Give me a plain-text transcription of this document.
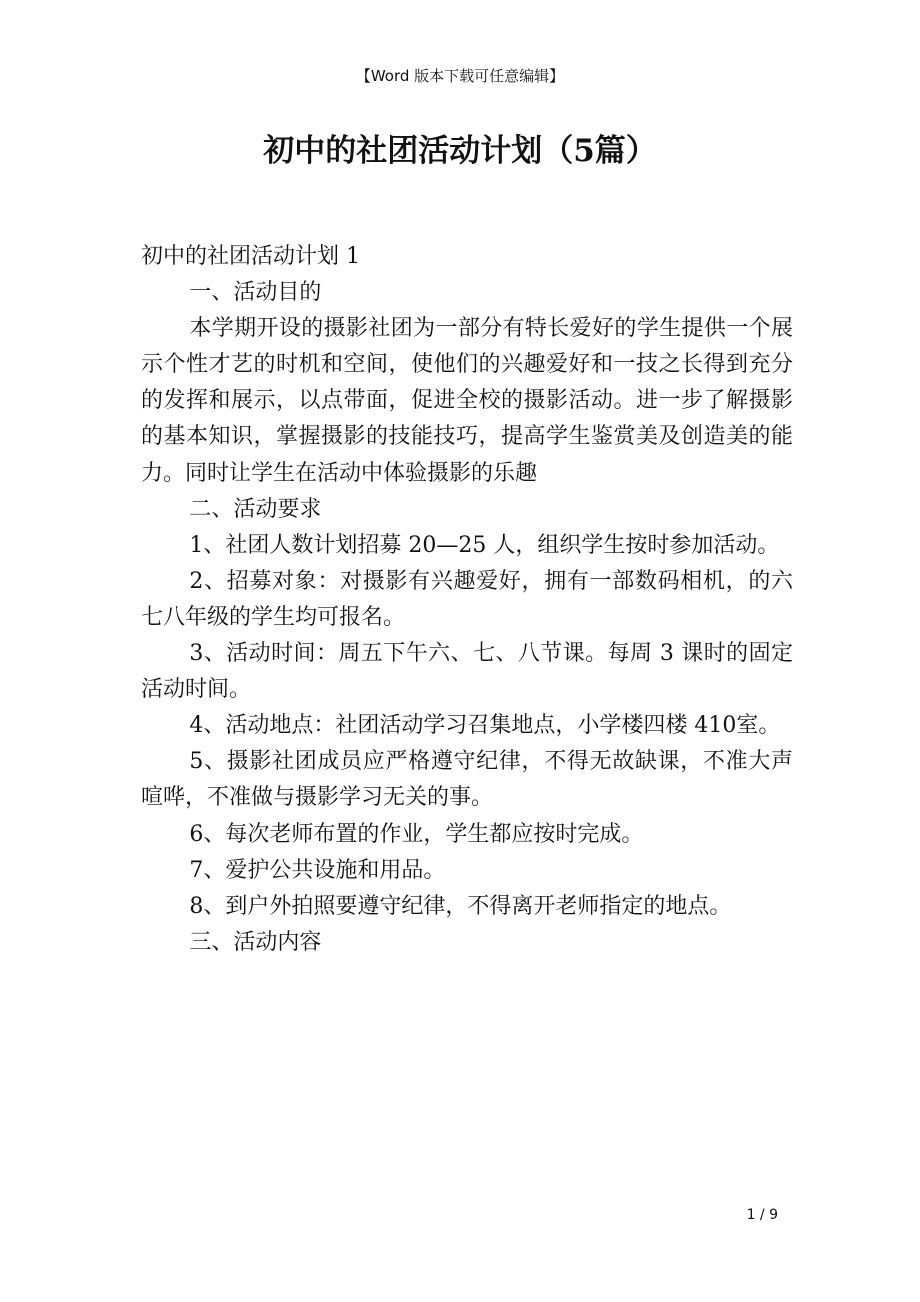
【Word 版本下载可任意编辑】
初中的社团活动计划（5篇）

初中的社团活动计划 1

一、活动目的

本学期开设的摄影社团为一部分有特长爱好的学生提供一个展示个性才艺的时机和空间，使他们的兴趣爱好和一技之长得到充分的发挥和展示，以点带面，促进全校的摄影活动。进一步了解摄影的基本知识，掌握摄影的技能技巧，提高学生鉴赏美及创造美的能力。同时让学生在活动中体验摄影的乐趣

二、活动要求

1、社团人数计划招募 20—25 人，组织学生按时参加活动。

2、招募对象：对摄影有兴趣爱好，拥有一部数码相机，的六七八年级的学生均可报名。

3、活动时间：周五下午六、七、八节课。每周 3 课时的固定活动时间。

4、活动地点：社团活动学习召集地点，小学楼四楼 410室。

5、摄影社团成员应严格遵守纪律，不得无故缺课，不准大声喧哗，不准做与摄影学习无关的事。

6、每次老师布置的作业，学生都应按时完成。

7、爱护公共设施和用品。

8、到户外拍照要遵守纪律，不得离开老师指定的地点。

三、活动内容

1 / 9
